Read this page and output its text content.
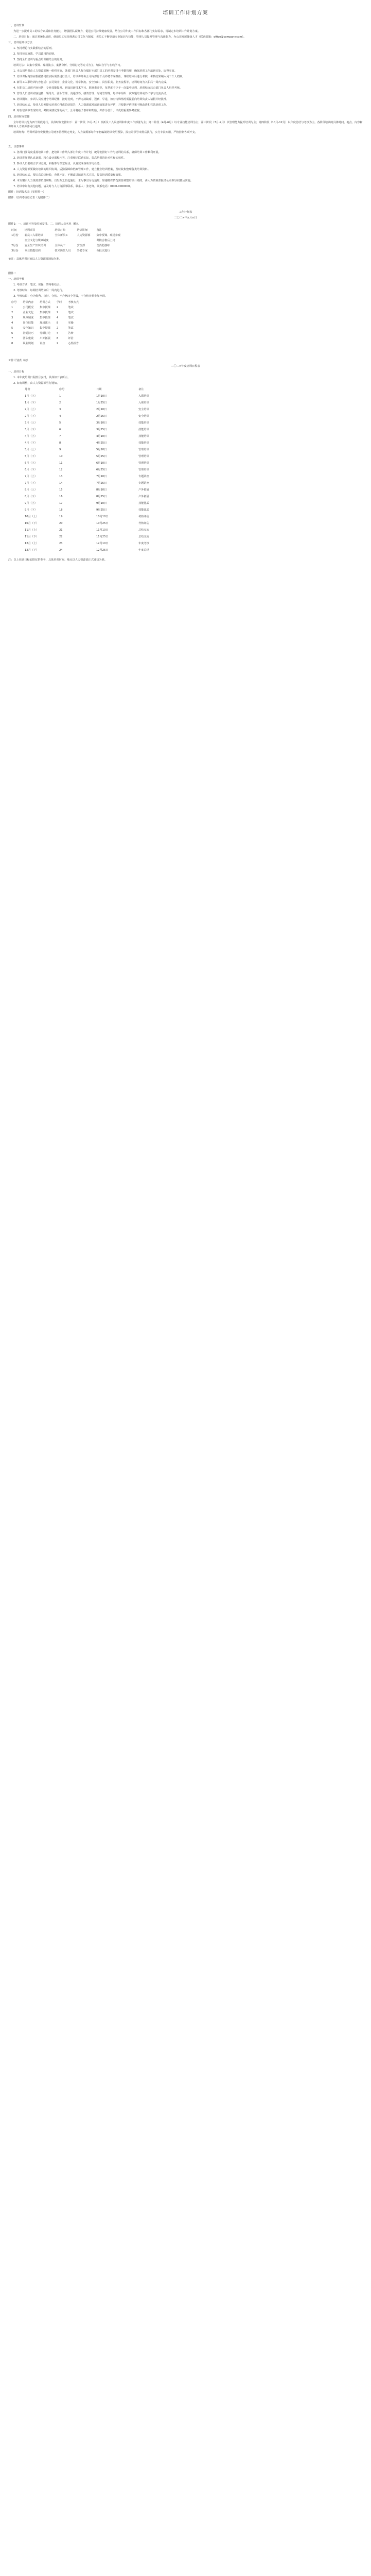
培训工作计划方案
一、培训背景
为进一步提升员工的综合素质和业务能力，增强团队凝聚力，促进公司持续健康发展，结合公司年度工作目标和各部门实际需求，特制定本培训工作计划方案。
二、培训目标：通过系统化培训，使新员工尽快熟悉公司文化与制度，老员工不断更新专业知识与技能，管理人员提升管理与沟通能力，为公司发展储备人才（联系邮箱：office@company.com）。
三、培训原则与方法
1. 坚持理论与实践相结合的原则。
2. 坚持按需施教、学以致用的原则。
3. 坚持全员培训与重点培训相结合的原则。
培训方法：以集中授课、现场演示、案例分析、分组讨论等方式为主，辅以自学与在线学习。
1. 本公司培训由人力资源部统一组织实施，各部门负责人配合做好本部门员工的培训安排与考勤管理，确保培训工作落到实处，取得实效。
2. 培训课程内容应根据各岗位实际需要进行设计，培训讲师由公司内部骨干及外聘专家担任，课程结束后进行考核，考核结果纳入员工个人档案。
3. 新员工入职培训内容包括：公司简介、企业文化、规章制度、安全知识、岗位职责、业务流程等，培训时间为入职后一周内完成。
4. 在职员工培训内容包括：专业技能提升、新知识新技术学习、职业素养等，每季度不少于一次集中培训，培训结束后由部门负责人组织考核。
5. 管理人员培训内容包括：领导力、团队管理、沟通技巧、绩效管理、时间管理等，每半年组织一次专题培训或外出学习交流活动。
6. 培训期间，参训人员应遵守培训纪律，按时签到，不得无故缺席、迟到、早退，如有特殊情况需提前向培训负责人请假并经批准。
7. 培训结束后，参训人员须提交培训心得或总结报告，人力资源部对培训效果进行评估，并根据评估结果不断改进和完善培训工作。
8. 对在培训中表现突出、考核成绩优秀的员工，公司将给予表彰和奖励，并作为晋升、评优的重要参考依据。
四、培训时间安排
全年培训共分为四个阶段进行，具体时间安排如下：第一阶段（1月-3月）以新员工入职培训和年度工作部署为主；第二阶段（4月-6月）以专业技能培训为主；第三阶段（7月-9月）以管理能力提升培训为主；第四阶段（10月-12月）以年度总结与考核为主。各阶段培训的具体时间、地点、内容和讲师由人力资源部另行通知。
培训经费：培训所需经费按照公司财务管理规定列支，人力资源部每年年初编制培训费用预算，报公司领导审批后执行，实行专款专用，严格控制各项开支。
五、注意事项
1. 各部门要高度重视培训工作，把培训工作纳入部门年度工作计划，统筹安排好工作与培训的关系，确保培训工作顺利开展。
2. 培训讲师要认真备课，精心设计课程内容，注重理论联系实际，提高培训的针对性和实效性。
3. 参训人员要端正学习态度，积极参与课堂互动，认真完成各项学习任务。
4. 人力资源部要做好培训的组织协调、后勤保障和档案管理工作，建立健全培训档案，及时收集整理各类培训资料。
5. 培训结束后，要认真总结经验，查找不足，不断改进培训方式方法，提高培训质量和效果。
6. 本方案由人力资源部负责解释，自发布之日起施行，未尽事宜另行通知。如遇特殊情况需要调整培训计划的，由人力资源部报请公司领导同意后实施。
7. 培训中如有其他问题，请及时与人力资源部联系，联系人：张老师，联系电话：0000-0000000。
附件：培训报名表（见附件一）
附件：培训考核登记表（见附件二）
工作计划表
二〇二×年×月×日
附件1：一、培训内容及时间安排。二、培训人员名单（略）。
时间	培训项目	培训对象	培训讲师	备注
1月份	新员工入职培训	全体新员工	人力资源部	集中授课、现场参观
	企业文化与规章制度			考核合格后上岗
2月份	安全生产知识培训	全体员工	安全部	含消防演练
3月份	专业技能培训	技术岗位人员	外聘专家	分批次进行
备注：具体培训时间以人力资源部通知为准。
附件二
一、培训考核
1. 考核方式：笔试、实操、答辩相结合。
2. 考核时间：每期培训结束后一周内进行。
3. 考核结果：分为优秀、良好、合格、不合格四个等级，不合格者须参加补训。
序号	培训内容	培训方式	学时	考核方式
1	公司概况	集中授课	2	笔试
2	企业文化	集中授课	2	笔试
3	规章制度	集中授课	4	笔试
4	岗位技能	现场演示	8	实操
5	安全知识	集中授课	2	笔试
6	沟通技巧	分组讨论	4	答辩
7	团队建设	户外拓展	8	评估
8	职业规划	讲座	2	心得报告
工作计划表（续）
二〇二×年度培训日程表
一、培训日程
1. 本年度培训日程按月安排，具体如下表所示。
2. 如有调整，由人力资源部另行通知。
月份	序号	日期	备注
1月（上）	1	1月10日	入职培训
1月（下）	2	1月25日	入职培训
2月（上）	3	2月10日	安全培训
2月（下）	4	2月25日	安全培训
3月（上）	5	3月10日	技能培训
3月（下）	6	3月25日	技能培训
4月（上）	7	4月10日	技能培训
4月（下）	8	4月25日	技能培训
5月（上）	9	5月10日	管理培训
5月（下）	10	5月25日	管理培训
6月（上）	11	6月10日	管理培训
6月（下）	12	6月25日	管理培训
7月（上）	13	7月10日	专题讲座
7月（下）	14	7月25日	专题讲座
8月（上）	15	8月10日	户外拓展
8月（下）	16	8月25日	户外拓展
9月（上）	17	9月10日	技能比武
9月（下）	18	9月25日	技能比武
10月（上）	19	10月10日	考核评估
10月（下）	20	10月25日	考核评估
11月（上）	21	11月10日	总结交流
11月（下）	22	11月25日	总结交流
12月（上）	23	12月10日	年度考核
12月（下）	24	12月25日	年度总结
注：以上培训日程安排仅供参考，具体培训时间、地点以人力资源部正式通知为准。
